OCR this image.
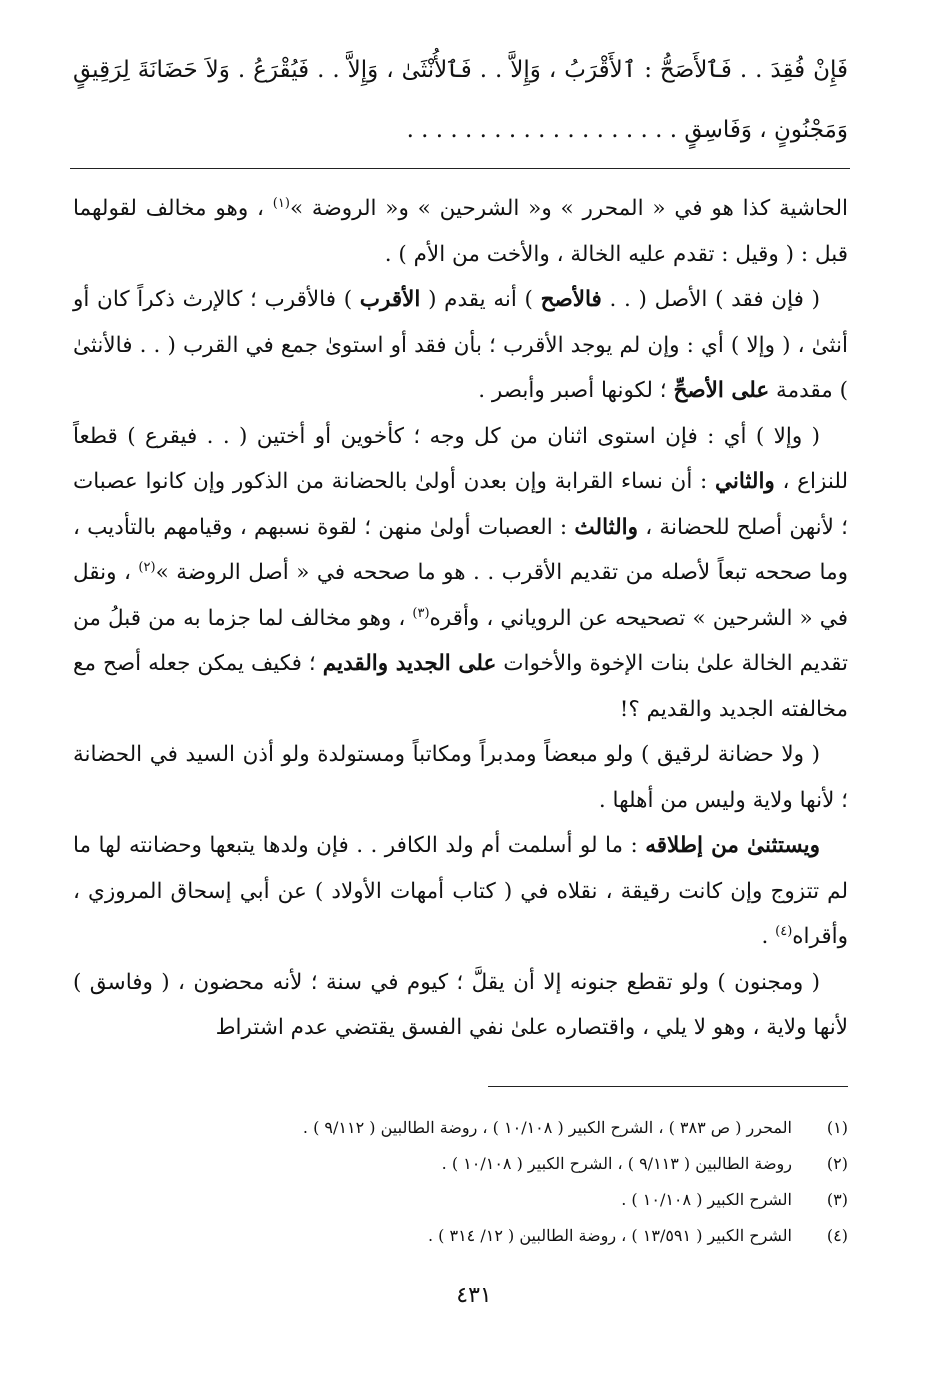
فَإِنْ فُقِدَ . . فَٱلأَصَحُّ : ٱلأَقْرَبُ ، وَإِلاَّ . . فَٱلأُنْثَىٰ ، وَإِلاَّ . . فَيُقْرَعُ . وَلاَ حَضَانَةَ لِرَقِيقٍ وَمَجْنُونٍ ، وَفَاسِقٍ . . . . . . . . . . . . . . . . . . .

الحاشية كذا هو في « المحرر » و« الشرحين » و« الروضة »$^{(١)}$ ، وهو مخالف لقولهما قبل : ( وقيل : تقدم عليه الخالة ، والأخت من الأم ) .

( فإن فقد ) الأصل ( . . فالأصح ) أنه يقدم ( الأقرب ) فالأقرب ؛ كالإرث ذكراً كان أو أنثىٰ ، ( وإلا ) أي : وإن لم يوجد الأقرب ؛ بأن فقد أو استوىٰ جمع في القرب ( . . فالأنثىٰ ) مقدمة على الأصحِّ ؛ لكونها أصبر وأبصر .

( وإلا ) أي : فإن استوى اثنان من كل وجه ؛ كأخوين أو أختين ( . . فيقرع ) قطعاً للنزاع ، والثاني : أن نساء القرابة وإن بعدن أولىٰ بالحضانة من الذكور وإن كانوا عصبات ؛ لأنهن أصلح للحضانة ، والثالث : العصبات أولىٰ منهن ؛ لقوة نسبهم ، وقيامهم بالتأديب ، وما صححه تبعاً لأصله من تقديم الأقرب . . هو ما صححه في « أصل الروضة »$^{(٢)}$ ، ونقل في « الشرحين » تصحيحه عن الروياني ، وأقره$^{(٣)}$ ، وهو مخالف لما جزما به من قبلُ من تقديم الخالة علىٰ بنات الإخوة والأخوات على الجديد والقديم ؛ فكيف يمكن جعله أصح مع مخالفته الجديد والقديم ؟!

( ولا حضانة لرقيق ) ولو مبعضاً ومدبراً ومكاتباً ومستولدة ولو أذن السيد في الحضانة ؛ لأنها ولاية وليس من أهلها .

ويستثنىٰ من إطلاقه : ما لو أسلمت أم ولد الكافر . . فإن ولدها يتبعها وحضانته لها ما لم تتزوج وإن كانت رقيقة ، نقلاه في ( كتاب أمهات الأولاد ) عن أبي إسحاق المروزي ، وأقراه$^{(٤)}$ .

( ومجنون ) ولو تقطع جنونه إلا أن يقلَّ ؛ كيوم في سنة ؛ لأنه محضون ، ( وفاسق ) لأنها ولاية ، وهو لا يلي ، واقتصاره علىٰ نفي الفسق يقتضي عدم اشتراط

(١)
المحرر ( ص ٣٨٣ ) ، الشرح الكبير ( ١٠/١٠٨ ) ، روضة الطالبين ( ٩/١١٢ ) .
(٢)
روضة الطالبين ( ٩/١١٣ ) ، الشرح الكبير ( ١٠/١٠٨ ) .
(٣)
الشرح الكبير ( ١٠/١٠٨ ) .
(٤)
الشرح الكبير ( ١٣/٥٩١ ) ، روضة الطالبين ( ١٢/ ٣١٤ ) .
٤٣١
